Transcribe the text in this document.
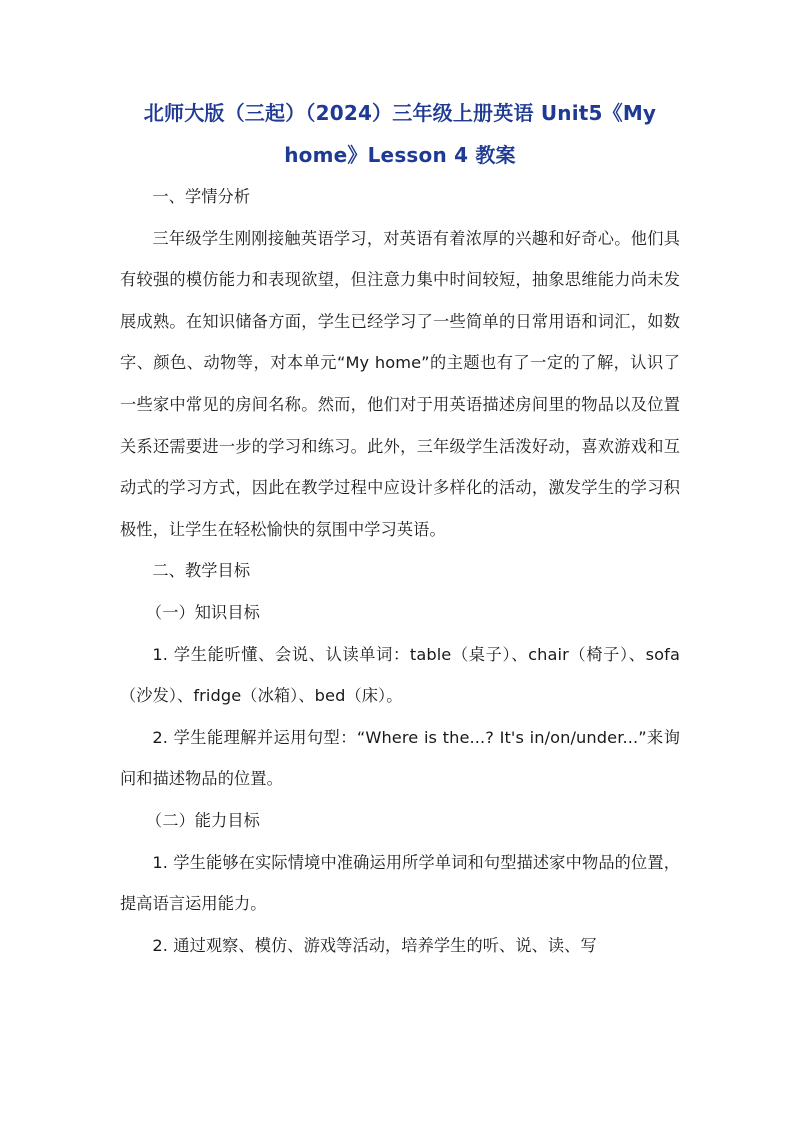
北师大版（三起）（2024）三年级上册英语 Unit5《My
home》Lesson 4 教案

一、学情分析

三年级学生刚刚接触英语学习，对英语有着浓厚的兴趣和好奇心。他们具有较强的模仿能力和表现欲望，但注意力集中时间较短，抽象思维能力尚未发展成熟。在知识储备方面，学生已经学习了一些简单的日常用语和词汇，如数字、颜色、动物等，对本单元“My home”的主题也有了一定的了解，认识了一些家中常见的房间名称。然而，他们对于用英语描述房间里的物品以及位置关系还需要进一步的学习和练习。此外，三年级学生活泼好动，喜欢游戏和互动式的学习方式，因此在教学过程中应设计多样化的活动，激发学生的学习积极性，让学生在轻松愉快的氛围中学习英语。

二、教学目标

（一）知识目标

1. 学生能听懂、会说、认读单词：table（桌子）、chair（椅子）、sofa（沙发）、fridge（冰箱）、bed（床）。

2. 学生能理解并运用句型：“Where is the...? It's in/on/under...”来询问和描述物品的位置。

（二）能力目标

1. 学生能够在实际情境中准确运用所学单词和句型描述家中物品的位置，提高语言运用能力。

2. 通过观察、模仿、游戏等活动，培养学生的听、说、读、写
